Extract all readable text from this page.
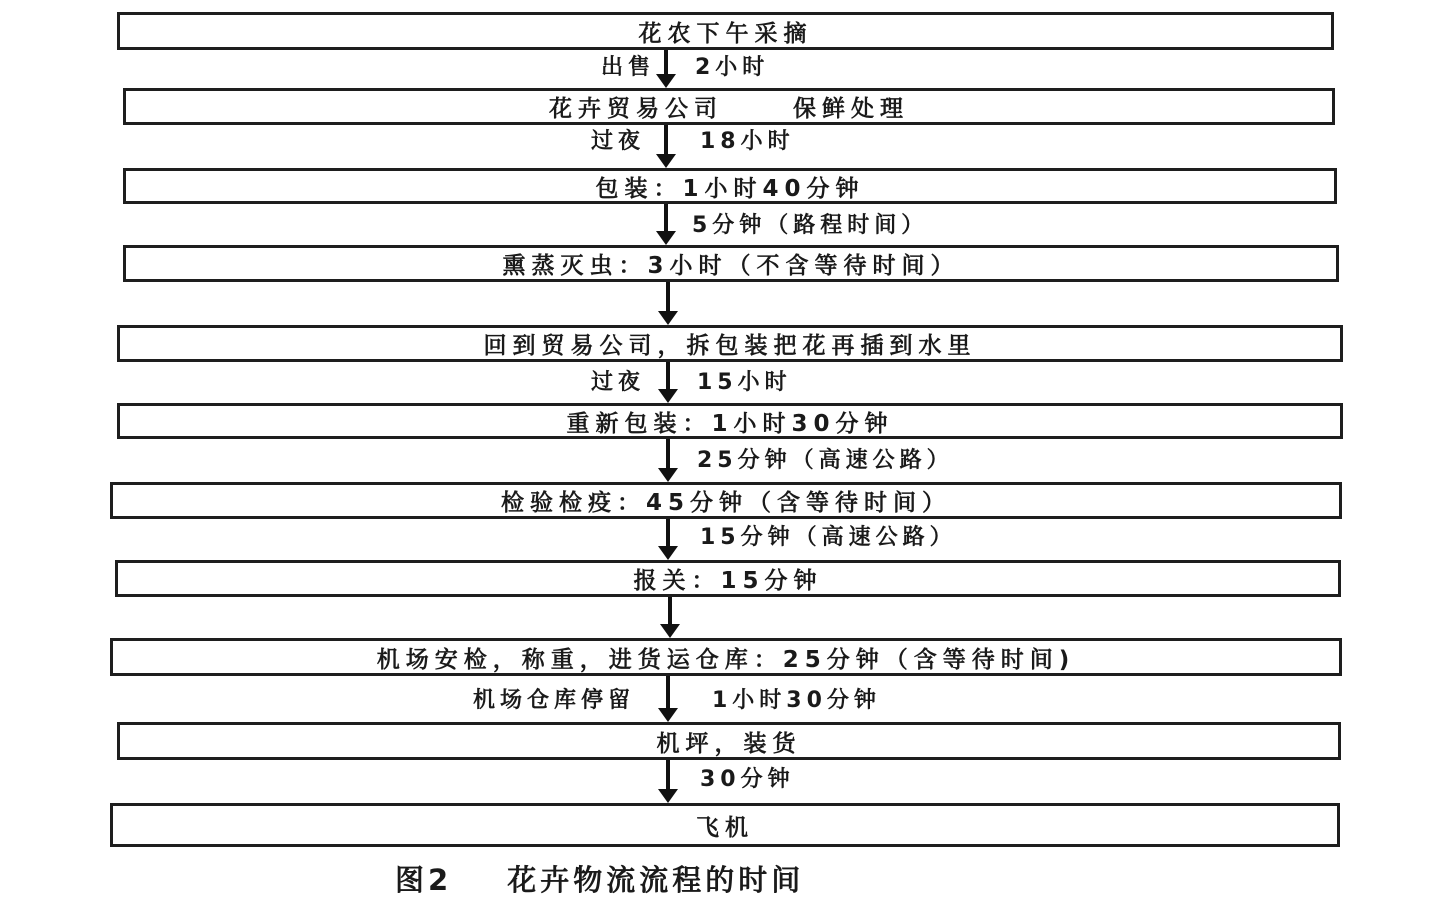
花农下午采摘
花卉贸易公司	保鲜处理
包装：1小时40分钟
熏蒸灭虫：3小时（不含等待时间）
回到贸易公司，拆包装把花再插到水里
重新包装：1小时30分钟
检验检疫：45分钟（含等待时间）
报关：15分钟
机场安检，称重，进货运仓库：25分钟（含等待时间)
机坪，装货
飞机
出售 2小时
过夜	18小时
5分钟（路程时间）
过夜 15小时
25分钟（高速公路）
15分钟（高速公路）
机场仓库停留	1小时30分钟
30分钟
图2 花卉物流流程的时间
